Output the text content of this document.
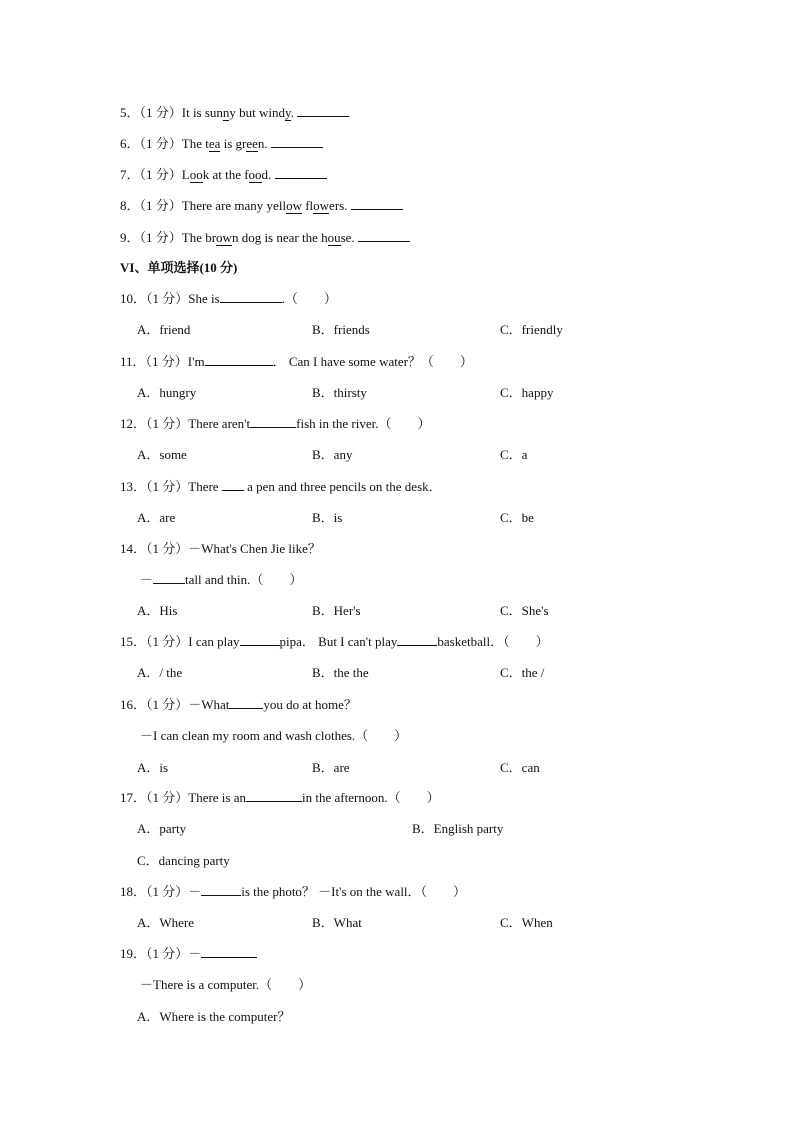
5．（1 分）It is sunny but windy.
6．（1 分）The tea is green.
7．（1 分）Look at the food.
8．（1 分）There are many yellow flowers.
9．（1 分）The brown dog is near the house.
VI、单项选择(10 分)
10．（1 分）She is	.（　　）
A．friend	B．friends	C．friendly
11．（1 分）I'm	． Can I have some water？（　　）
A．hungry	B．thirsty	C．happy
12．（1 分）There aren't	fish in the river.（　　）
A．some	B．any	C．a
13．（1 分）There  a pen and three pencils on the desk．
A．are	B．is	C．be
14．（1 分）－What's Chen Jie like？
－ tall and thin.（　　）
A．His	B．Her's	C．She's
15．（1 分）I can play	pipa． But I can't play	basketball．（　　）
A．/ the	B．the the	C．the /
16．（1 分）－What	you do at home？
－I can clean my room and wash clothes.（　　）
A．is	B．are	C．can
17．（1 分）There is an	in the afternoon.（　　）
A．party	B．English party
C．dancing party
18．（1 分）－	is the photo？ －It's on the wall．（　　）
A．Where	B．What	C．When
19．（1 分）－
－There is a computer.（　　）
A．Where is the computer？
